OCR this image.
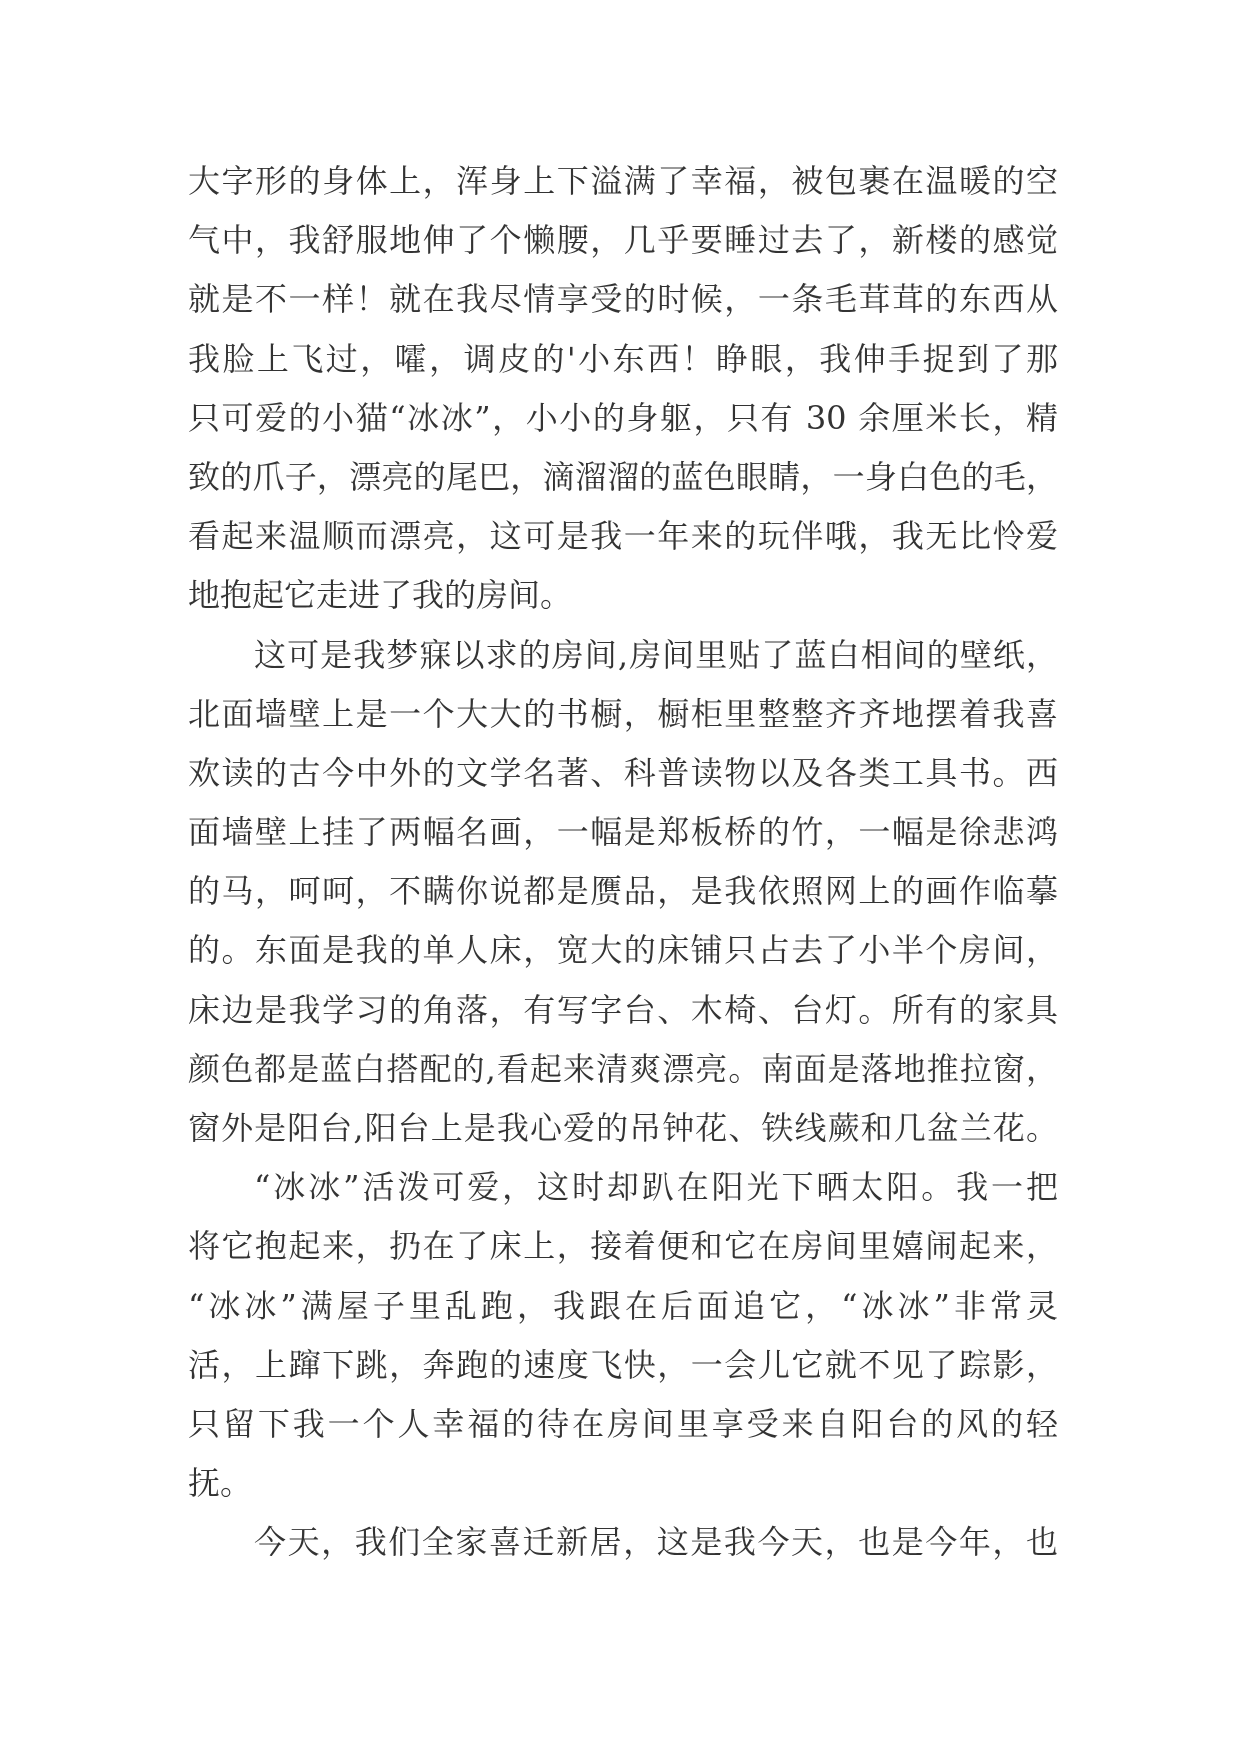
大字形的身体上，浑身上下溢满了幸福，被包裹在温暖的空
气中，我舒服地伸了个懒腰，几乎要睡过去了，新楼的感觉
就是不一样！就在我尽情享受的时候，一条毛茸茸的东西从
我脸上飞过，嚯，调皮的'小东西！睁眼，我伸手捉到了那
只可爱的小猫“冰冰”，小小的身躯，只有 30 余厘米长，精
致的爪子，漂亮的尾巴，滴溜溜的蓝色眼睛，一身白色的毛，
看起来温顺而漂亮，这可是我一年来的玩伴哦，我无比怜爱
地抱起它走进了我的房间。
这可是我梦寐以求的房间,房间里贴了蓝白相间的壁纸，
北面墙壁上是一个大大的书橱，橱柜里整整齐齐地摆着我喜
欢读的古今中外的文学名著、科普读物以及各类工具书。西
面墙壁上挂了两幅名画，一幅是郑板桥的竹，一幅是徐悲鸿
的马，呵呵，不瞒你说都是赝品，是我依照网上的画作临摹
的。东面是我的单人床，宽大的床铺只占去了小半个房间，
床边是我学习的角落，有写字台、木椅、台灯。所有的家具
颜色都是蓝白搭配的,看起来清爽漂亮。南面是落地推拉窗，
窗外是阳台,阳台上是我心爱的吊钟花、铁线蕨和几盆兰花。
“冰冰”活泼可爱，这时却趴在阳光下晒太阳。我一把
将它抱起来，扔在了床上，接着便和它在房间里嬉闹起来，
“冰冰”满屋子里乱跑，我跟在后面追它，“冰冰”非常灵
活，上蹿下跳，奔跑的速度飞快，一会儿它就不见了踪影，
只留下我一个人幸福的待在房间里享受来自阳台的风的轻
抚。
今天，我们全家喜迁新居，这是我今天，也是今年，也
